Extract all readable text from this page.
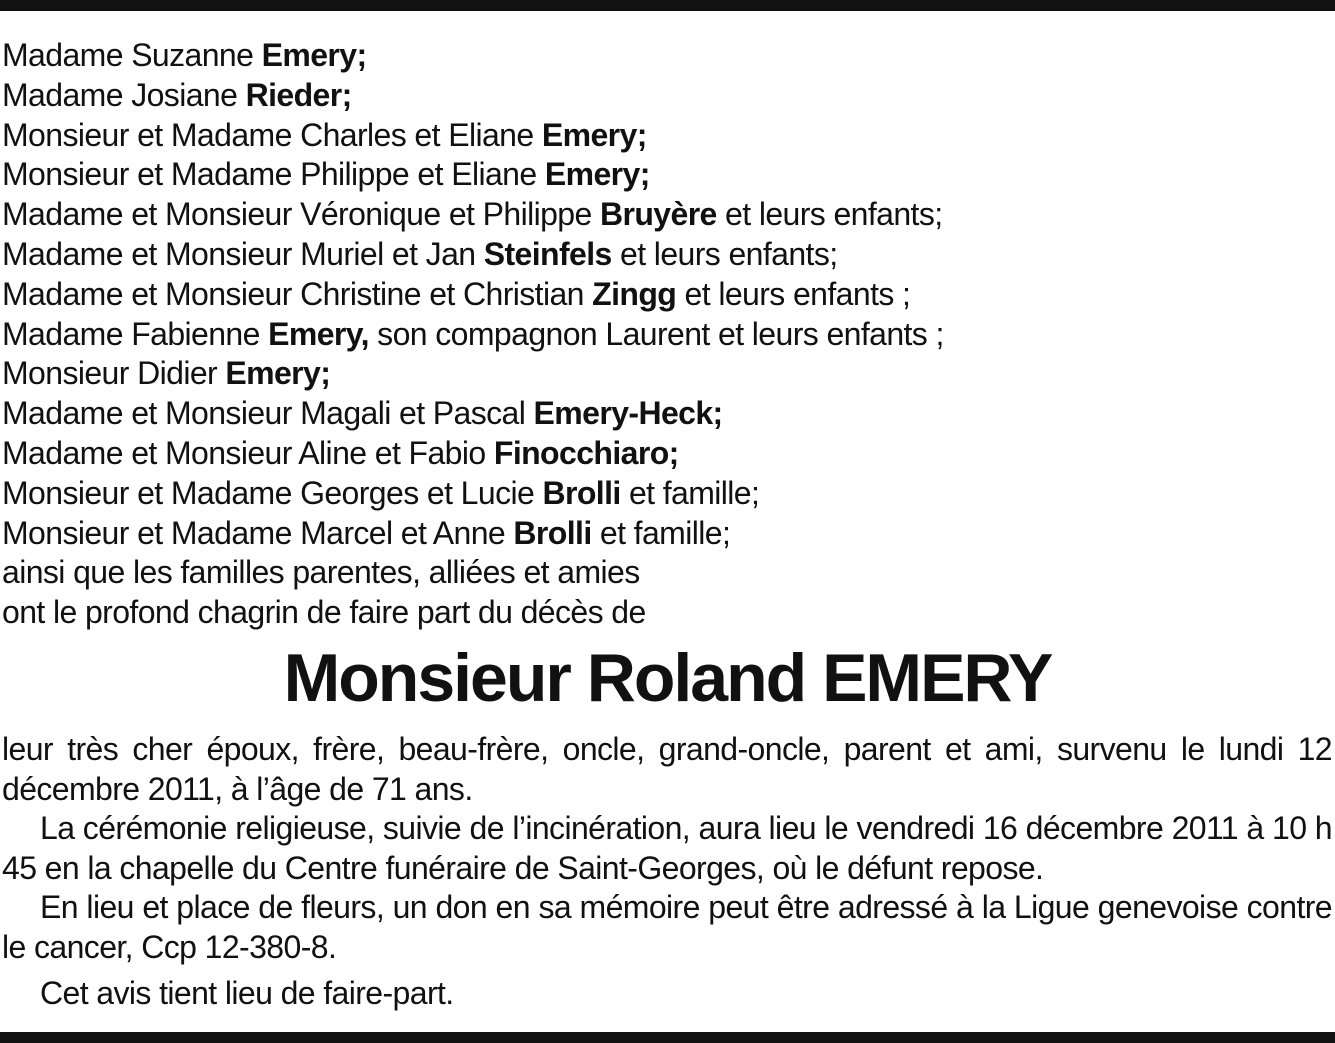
Madame Suzanne Emery;
Madame Josiane Rieder;
Monsieur et Madame Charles et Eliane Emery;
Monsieur et Madame Philippe et Eliane Emery;
Madame et Monsieur Véronique et Philippe Bruyère et leurs enfants;
Madame et Monsieur Muriel et Jan Steinfels et leurs enfants;
Madame et Monsieur Christine et Christian Zingg et leurs enfants ;
Madame Fabienne Emery, son compagnon Laurent et leurs enfants ;
Monsieur Didier Emery;
Madame et Monsieur Magali et Pascal Emery-Heck;
Madame et Monsieur Aline et Fabio Finocchiaro;
Monsieur et Madame Georges et Lucie Brolli et famille;
Monsieur et Madame Marcel et Anne Brolli et famille;
ainsi que les familles parentes, alliées et amies
ont le profond chagrin de faire part du décès de
Monsieur Roland EMERY

leur très cher époux, frère, beau-frère, oncle, grand-oncle, parent et ami, survenu le lundi 12 décembre 2011, à l’âge de 71 ans.

La cérémonie religieuse, suivie de l’incinération, aura lieu le vendredi 16 décembre 2011 à 10 h 45 en la chapelle du Centre funéraire de Saint-Georges, où le défunt repose.

En lieu et place de fleurs, un don en sa mémoire peut être adressé à la Ligue genevoise contre le cancer, Ccp 12-380-8.

Cet avis tient lieu de faire-part.
